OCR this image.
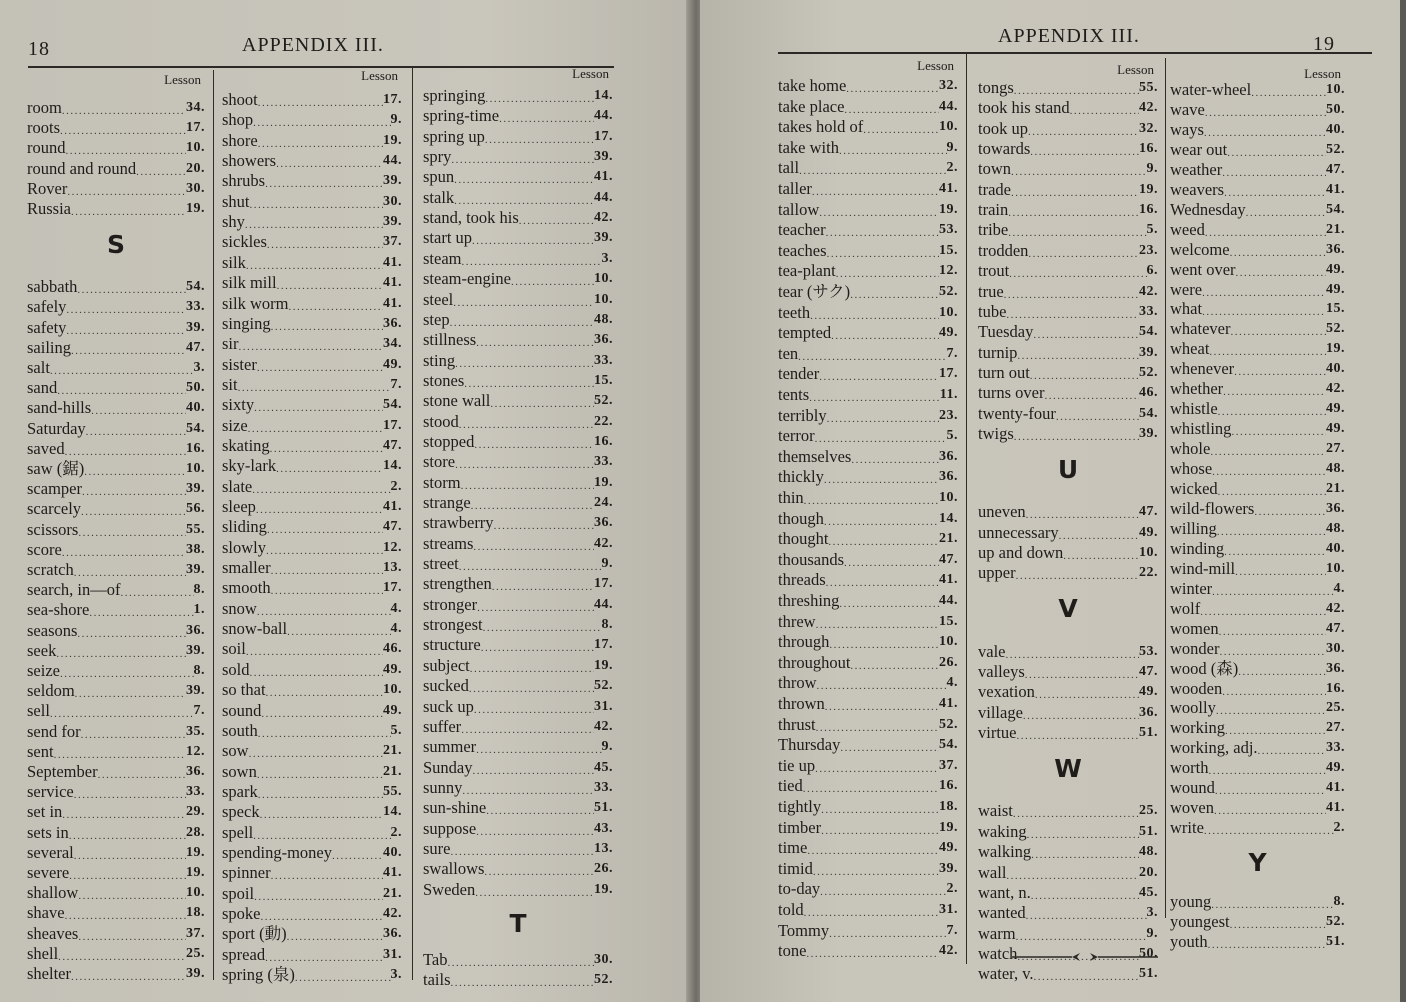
18	APPENDIX III.
Lesson
room .....	34.
roots .....	17.
round .....	10.
round and round .....	20.
Rover .....	30.
Russia .....	19.
S
sabbath .....	54.
safely .....	33.
safety .....	39.
sailing .....	47.
salt .....	3.
sand .....	50.
sand-hills .....	40.
Saturday .....	54.
saved .....	16.
saw (鋸) .....	10.
scamper .....	39.
scarcely .....	56.
scissors .....	55.
score .....	38.
scratch .....	39.
search, in—of .....	8.
sea-shore .....	1.
seasons .....	36.
seek .....	39.
seize .....	8.
seldom .....	39.
sell .....	7.
send for .....	35.
sent .....	12.
September .....	36.
service .....	33.
set in .....	29.
sets in .....	28.
several .....	19.
severe .....	19.
shallow .....	10.
shave .....	18.
sheaves .....	37.
shell .....	25.
shelter .....	39.
Lesson
shoot .....	17.
shop .....	9.
shore .....	19.
showers .....	44.
shrubs .....	39.
shut .....	30.
shy .....	39.
sickles .....	37.
silk .....	41.
silk mill .....	41.
silk worm .....	41.
singing .....	36.
sir .....	34.
sister .....	49.
sit .....	7.
sixty .....	54.
size .....	17.
skating .....	47.
sky-lark .....	14.
slate .....	2.
sleep .....	41.
sliding .....	47.
slowly .....	12.
smaller .....	13.
smooth .....	17.
snow .....	4.
snow-ball .....	4.
soil .....	46.
sold .....	49.
so that .....	10.
sound .....	49.
south .....	5.
sow .....	21.
sown .....	21.
spark .....	55.
speck .....	14.
spell .....	2.
spending-money .....	40.
spinner .....	41.
spoil .....	21.
spoke .....	42.
sport (動) .....	36.
spread .....	31.
spring (泉) .....	3.
Lesson
springing .....	14.
spring-time .....	44.
spring up .....	17.
spry .....	39.
spun .....	41.
stalk .....	44.
stand, took his .....	42.
start up .....	39.
steam .....	3.
steam-engine .....	10.
steel .....	10.
step .....	48.
stillness .....	36.
sting .....	33.
stones .....	15.
stone wall .....	52.
stood .....	22.
stopped .....	16.
store .....	33.
storm .....	19.
strange .....	24.
strawberry .....	36.
streams .....	42.
street .....	9.
strengthen .....	17.
stronger .....	44.
strongest .....	8.
structure .....	17.
subject .....	19.
sucked .....	52.
suck up .....	31.
suffer .....	42.
summer .....	9.
Sunday .....	45.
sunny .....	33.
sun-shine .....	51.
suppose .....	43.
sure .....	13.
swallows .....	26.
Sweden .....	19.
T
Tab .....	30.
tails .....	52.
APPENDIX III.	19
Lesson
take home .....	32.
take place .....	44.
takes hold of .....	10.
take with .....	9.
tall .....	2.
taller .....	41.
tallow .....	19.
teacher .....	53.
teaches .....	15.
tea-plant .....	12.
tear (サク) .....	52.
teeth .....	10.
tempted .....	49.
ten .....	7.
tender .....	17.
tents .....	11.
terribly .....	23.
terror .....	5.
themselves .....	36.
thickly .....	36.
thin .....	10.
though .....	14.
thought .....	21.
thousands .....	47.
threads .....	41.
threshing .....	44.
threw .....	15.
through .....	10.
throughout .....	26.
throw .....	4.
thrown .....	41.
thrust .....	52.
Thursday .....	54.
tie up .....	37.
tied .....	16.
tightly .....	18.
timber .....	19.
time .....	49.
timid .....	39.
to-day .....	2.
told .....	31.
Tommy .....	7.
tone .....	42.
Lesson
tongs .....	55.
took his stand .....	42.
took up .....	32.
towards .....	16.
town .....	9.
trade .....	19.
train .....	16.
tribe .....	5.
trodden .....	23.
trout .....	6.
true .....	42.
tube .....	33.
Tuesday .....	54.
turnip .....	39.
turn out .....	52.
turns over .....	46.
twenty-four .....	54.
twigs .....	39.
U
uneven .....	47.
unnecessary .....	49.
up and down .....	10.
upper .....	22.
V
vale .....	53.
valleys .....	47.
vexation .....	49.
village .....	36.
virtue .....	51.
W
waist .....	25.
waking .....	51.
walking .....	48.
wall .....	20.
want, n. .....	45.
wanted .....	3.
warm .....	9.
watch .....	50.
water, v. .....	51.
Lesson
water-wheel .....	10.
wave .....	50.
ways .....	40.
wear out .....	52.
weather .....	47.
weavers .....	41.
Wednesday .....	54.
weed .....	21.
welcome .....	36.
went over .....	49.
were .....	49.
what .....	15.
whatever .....	52.
wheat .....	19.
whenever .....	40.
whether .....	42.
whistle .....	49.
whistling .....	49.
whole .....	27.
whose .....	48.
wicked .....	21.
wild-flowers .....	36.
willing .....	48.
winding .....	40.
wind-mill .....	10.
winter .....	4.
wolf .....	42.
women .....	47.
wonder .....	30.
wood (森) .....	36.
wooden .....	16.
woolly .....	25.
working .....	27.
working, adj. .....	33.
worth .....	49.
wound .....	41.
woven .....	41.
write .....	2.
Y
young .....	8.
youngest .....	52.
youth .....	51.
